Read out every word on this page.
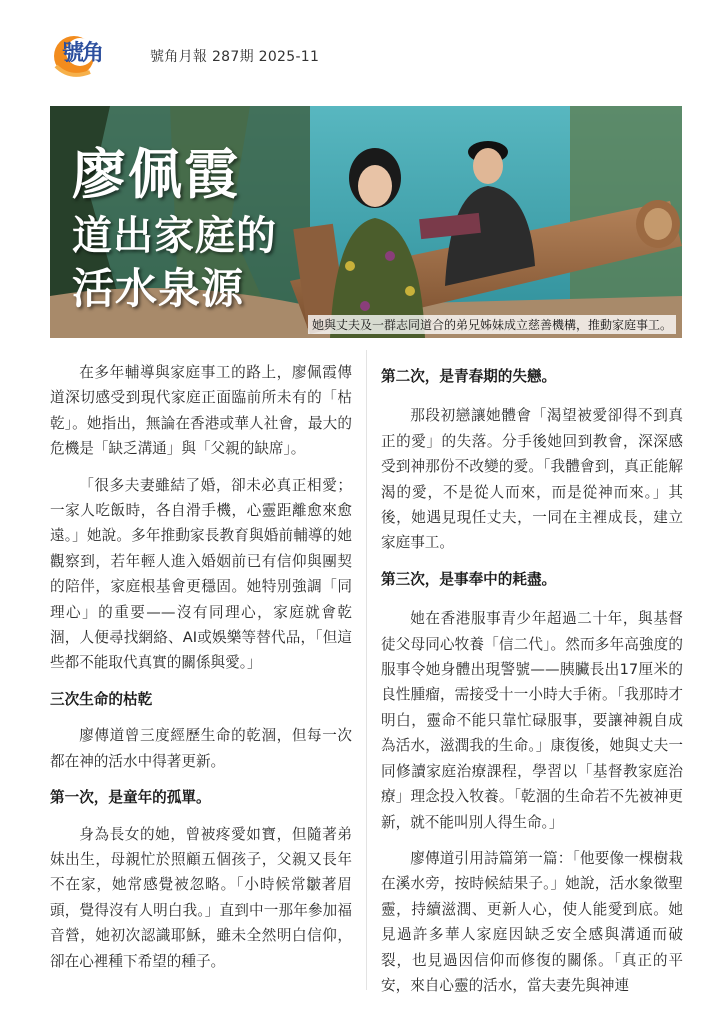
號角	號角月報 287期 2025-11
廖佩霞
道出家庭的
活水泉源
她與丈夫及一群志同道合的弟兄姊妹成立慈善機構，推動家庭事工。

在多年輔導與家庭事工的路上，廖佩霞傳道深切感受到現代家庭正面臨前所未有的「枯乾」。她指出，無論在香港或華人社會，最大的危機是「缺乏溝通」與「父親的缺席」。

「很多夫妻雖結了婚，卻未必真正相愛；一家人吃飯時，各自滑手機，心靈距離愈來愈遠。」她說。多年推動家長教育與婚前輔導的她觀察到，若年輕人進入婚姻前已有信仰與團契的陪伴，家庭根基會更穩固。她特別強調「同理心」的重要——沒有同理心，家庭就會乾涸，人便尋找網絡、AI或娛樂等替代品，「但這些都不能取代真實的關係與愛。」

三次生命的枯乾

廖傳道曾三度經歷生命的乾涸，但每一次都在神的活水中得著更新。

第一次，是童年的孤單。

身為長女的她，曾被疼愛如寶，但隨著弟妹出生，母親忙於照顧五個孩子，父親又長年不在家，她常感覺被忽略。「小時候常皺著眉頭，覺得沒有人明白我。」直到中一那年參加福音營，她初次認識耶穌，雖未全然明白信仰，卻在心裡種下希望的種子。

第二次，是青春期的失戀。

那段初戀讓她體會「渴望被愛卻得不到真正的愛」的失落。分手後她回到教會，深深感受到神那份不改變的愛。「我體會到，真正能解渴的愛，不是從人而來，而是從神而來。」其後，她遇見現任丈夫，一同在主裡成長，建立家庭事工。

第三次，是事奉中的耗盡。

她在香港服事青少年超過二十年，與基督徒父母同心牧養「信二代」。然而多年高強度的服事令她身體出現警號——胰臟長出17厘米的良性腫瘤，需接受十一小時大手術。「我那時才明白，靈命不能只靠忙碌服事，要讓神親自成為活水，滋潤我的生命。」康復後，她與丈夫一同修讀家庭治療課程，學習以「基督教家庭治療」理念投入牧養。「乾涸的生命若不先被神更新，就不能叫別人得生命。」

廖傳道引用詩篇第一篇：「他要像一棵樹栽在溪水旁，按時候結果子。」她說，活水象徵聖靈，持續滋潤、更新人心，使人能愛到底。她見過許多華人家庭因缺乏安全感與溝通而破裂，也見過因信仰而修復的關係。「真正的平安，來自心靈的活水，當夫妻先與神連
